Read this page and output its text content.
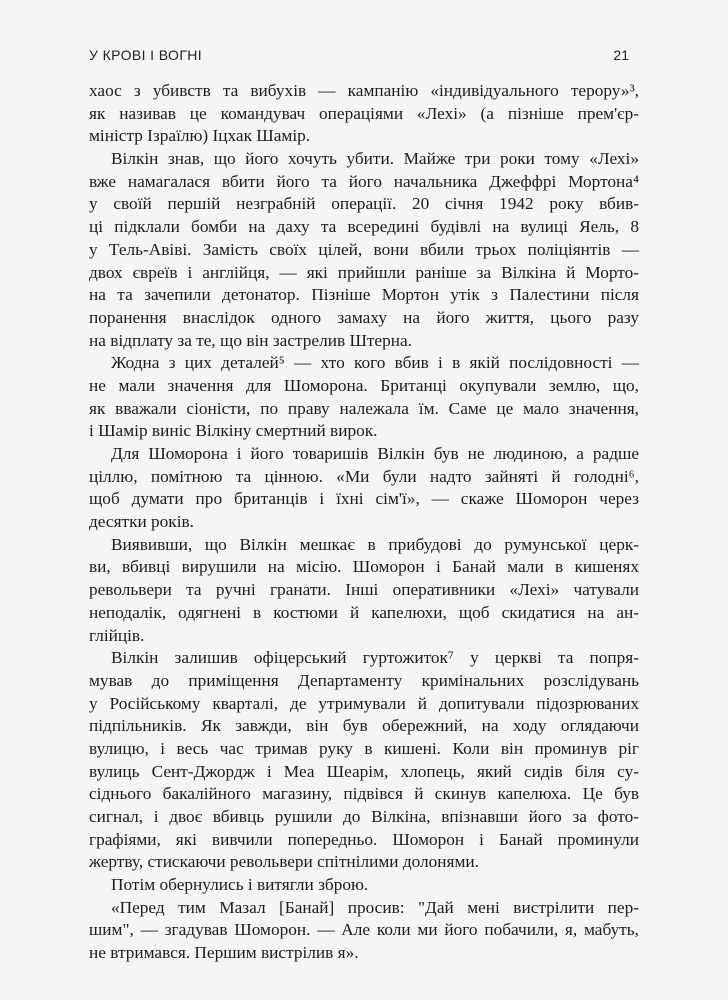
У КРОВІ І ВОГНІ	21
хаос з убивств та вибухів — кампанію «індивідуального терору»³,
як називав це командувач операціями «Лехі» (а пізніше прем'єр-
міністр Ізраїлю) Іцхак Шамір.
Вілкін знав, що його хочуть убити. Майже три роки тому «Лехі»
вже намагалася вбити його та його начальника Джеффрі Мортона⁴
у своїй першій незграбній операції. 20 січня 1942 року вбив-
ці підклали бомби на даху та всередині будівлі на вулиці Яель, 8
у Тель-Авіві. Замість своїх цілей, вони вбили трьох поліціянтів —
двох євреїв і англійця, — які прийшли раніше за Вілкіна й Морто-
на та зачепили детонатор. Пізніше Мортон утік з Палестини після
поранення внаслідок одного замаху на його життя, цього разу
на відплату за те, що він застрелив Штерна.
Жодна з цих деталей⁵ — хто кого вбив і в якій послідовності —
не мали значення для Шоморона. Британці окупували землю, що,
як вважали сіоністи, по праву належала їм. Саме це мало значення,
і Шамір виніс Вілкіну смертний вирок.
Для Шоморона і його товаришів Вілкін був не людиною, а радше
ціллю, помітною та цінною. «Ми були надто зайняті й голодні⁶,
щоб думати про британців і їхні сім'ї», — скаже Шоморон через
десятки років.
Виявивши, що Вілкін мешкає в прибудові до румунської церк-
ви, вбивці вирушили на місію. Шоморон і Банай мали в кишенях
револьвери та ручні гранати. Інші оперативники «Лехі» чатували
неподалік, одягнені в костюми й капелюхи, щоб скидатися на ан-
глійців.
Вілкін залишив офіцерський гуртожиток⁷ у церкві та попря-
мував до приміщення Департаменту кримінальних розслідувань
у Російському кварталі, де утримували й допитували підозрюваних
підпільників. Як завжди, він був обережний, на ходу оглядаючи
вулицю, і весь час тримав руку в кишені. Коли він проминув ріг
вулиць Сент-Джордж і Меа Шеарім, хлопець, який сидів біля су-
сіднього бакалійного магазину, підвівся й скинув капелюха. Це був
сигнал, і двоє вбивць рушили до Вілкіна, впізнавши його за фото-
графіями, які вивчили попередньо. Шоморон і Банай проминули
жертву, стискаючи револьвери спітнілими долонями.
Потім обернулись і витягли зброю.
«Перед тим Мазал [Банай] просив: "Дай мені вистрілити пер-
шим", — згадував Шоморон. — Але коли ми його побачили, я, мабуть,
не втримався. Першим вистрілив я».
